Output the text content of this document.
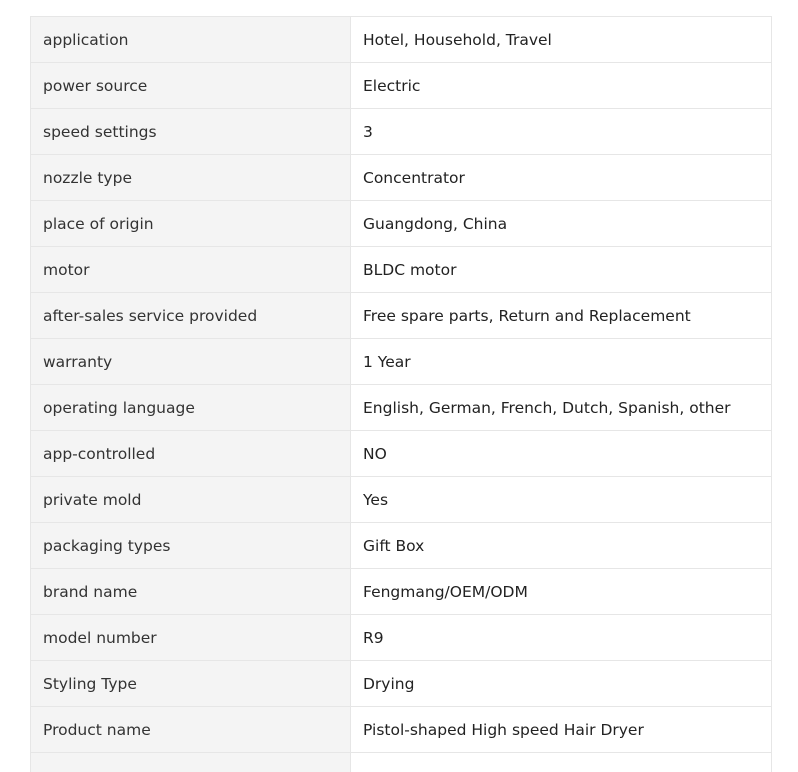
application	Hotel, Household, Travel
power source	Electric
speed settings	3
nozzle type	Concentrator
place of origin	Guangdong, China
motor	BLDC motor
after-sales service provided	Free spare parts, Return and Replacement
warranty	1 Year
operating language	English, German, French, Dutch, Spanish, other
app-controlled	NO
private mold	Yes
packaging types	Gift Box
brand name	Fengmang/OEM/ODM
model number	R9
Styling Type	Drying
Product name	Pistol-shaped High speed Hair Dryer
